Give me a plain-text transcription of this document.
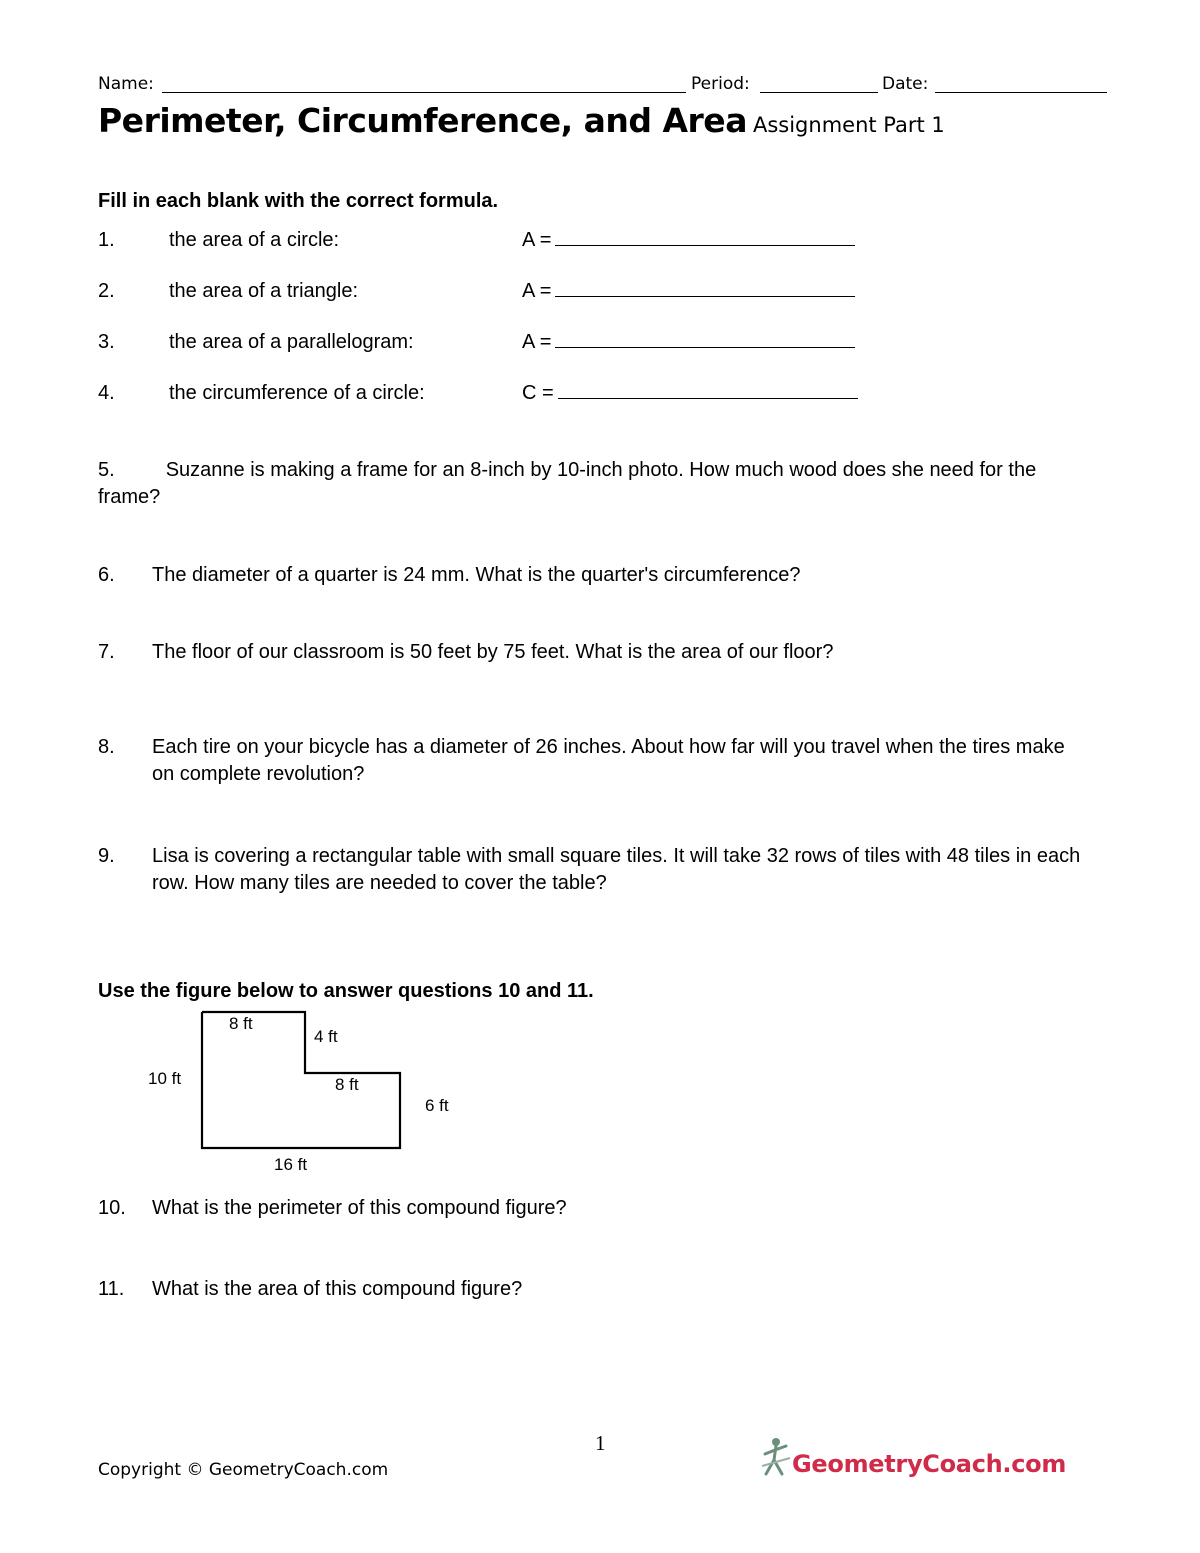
Name:	Period:	Date:
Perimeter, Circumference, and Area Assignment Part 1
Fill in each blank with the correct formula.
1.	the area of a circle:	A =
2.	the area of a triangle:	A =
3.	the area of a parallelogram:	A =
4.	the circumference of a circle:	C =
5.	Suzanne is making a frame for an 8-inch by 10-inch photo. How much wood does she need for the frame?
6. The diameter of a quarter is 24 mm. What is the quarter's circumference?
7. The floor of our classroom is 50 feet by 75 feet. What is the area of our floor?
8. Each tire on your bicycle has a diameter of 26 inches. About how far will you travel when the tires make on complete revolution?
9. Lisa is covering a rectangular table with small square tiles. It will take 32 rows of tiles with 48 tiles in each row. How many tiles are needed to cover the table?
Use the figure below to answer questions 10 and 11.
8 ft
4 ft
10 ft	8 ft
6 ft
16 ft
10. What is the perimeter of this compound figure?
11. What is the area of this compound figure?
1
Copyright © GeometryCoach.com	GeometryCoach.com
